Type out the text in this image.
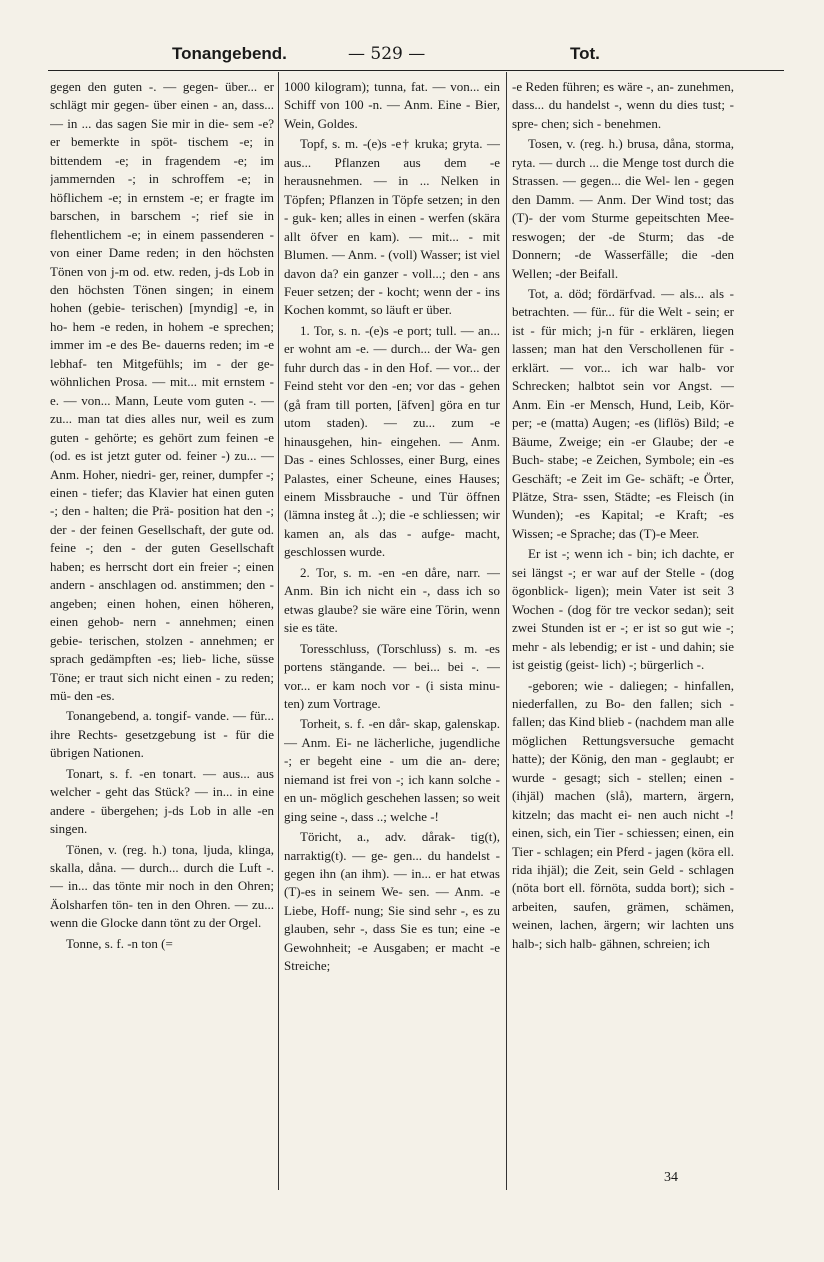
Tonangebend.	— 529 —	Tot.

gegen den guten -. — gegen- über... er schlägt mir gegen- über einen - an, dass... — in ... das sagen Sie mir in die- sem -e? er bemerkte in spöt- tischem -e; in bittendem -e; in fragendem -e; im jammernden -; in schroffem -e; in höflichem -e; in ernstem -e; er fragte im barschen, in barschem -; rief sie in flehentlichem -e; in einem passenderen - von einer Dame reden; in den höchsten Tönen von j-m od. etw. reden, j-ds Lob in den höchsten Tönen singen; in einem hohen (gebie- terischen) [myndig] -e, in ho- hem -e reden, in hohem -e sprechen; immer im -e des Be- dauerns reden; im -e lebhaf- ten Mitgefühls; im - der ge- wöhnlichen Prosa. — mit... mit ernstem -e. — von... Mann, Leute vom guten -. — zu... man tat dies alles nur, weil es zum guten - gehörte; es gehört zum feinen -e (od. es ist jetzt guter od. feiner -) zu... — Anm. Hoher, niedri- ger, reiner, dumpfer -; einen - tiefer; das Klavier hat einen guten -; den - halten; die Prä- position hat den -; der - der feinen Gesellschaft, der gute od. feine -; den - der guten Gesellschaft haben; es herrscht dort ein freier -; einen andern - anschlagen od. anstimmen; den - angeben; einen hohen, einen höheren, einen gehob- nern - annehmen; einen gebie- terischen, stolzen - annehmen; er sprach gedämpften -es; lieb- liche, süsse Töne; er traut sich nicht einen - zu reden; mü- den -es.

Tonangebend, a. tongif- vande. — für... ihre Rechts- gesetzgebung ist - für die übrigen Nationen.

Tonart, s. f. -en tonart. — aus... aus welcher - geht das Stück? — in... in eine andere - übergehen; j-ds Lob in alle -en singen.

Tönen, v. (reg. h.) tona, ljuda, klinga, skalla, dåna. — durch... durch die Luft -. — in... das tönte mir noch in den Ohren; Äolsharfen tön- ten in den Ohren. — zu... wenn die Glocke dann tönt zu der Orgel.

Tonne, s. f. -n ton (=

1000 kilogram); tunna, fat. — von... ein Schiff von 100 -n. — Anm. Eine - Bier, Wein, Goldes.

Topf, s. m. -(e)s -e† kruka; gryta. — aus... Pflanzen aus dem -e herausnehmen. — in ... Nelken in Töpfen; Pflanzen in Töpfe setzen; in den - guk- ken; alles in einen - werfen (skära allt öfver en kam). — mit... - mit Blumen. — Anm. - (voll) Wasser; ist viel davon da? ein ganzer - voll...; den - ans Feuer setzen; der - kocht; wenn der - ins Kochen kommt, so läuft er über.

1. Tor, s. n. -(e)s -e port; tull. — an... er wohnt am -e. — durch... der Wa- gen fuhr durch das - in den Hof. — vor... der Feind steht vor den -en; vor das - gehen (gå fram till porten, [äfven] göra en tur utom staden). — zu... zum -e hinausgehen, hin- eingehen. — Anm. Das - eines Schlosses, einer Burg, eines Palastes, einer Scheune, eines Hauses; einem Missbrauche - und Tür öffnen (lämna insteg åt ..); die -e schliessen; wir kamen an, als das - aufge- macht, geschlossen wurde.

2. Tor, s. m. -en -en dåre, narr. — Anm. Bin ich nicht ein -, dass ich so etwas glaube? sie wäre eine Törin, wenn sie es täte.

Toresschluss, (Torschluss) s. m. -es portens stängande. — bei... bei -. — vor... er kam noch vor - (i sista minu- ten) zum Vortrage.

Torheit, s. f. -en dår- skap, galenskap. — Anm. Ei- ne lächerliche, jugendliche -; er begeht eine - um die an- dere; niemand ist frei von -; ich kann solche -en un- möglich geschehen lassen; so weit ging seine -, dass ..; welche -!

Töricht, a., adv. dårak- tig(t), narraktig(t). — ge- gen... du handelst - gegen ihn (an ihm). — in... er hat etwas (T)-es in seinem We- sen. — Anm. -e Liebe, Hoff- nung; Sie sind sehr -, es zu glauben, sehr -, dass Sie es tun; eine -e Gewohnheit; -e Ausgaben; er macht -e Streiche;

-e Reden führen; es wäre -, an- zunehmen, dass... du handelst -, wenn du dies tust; - spre- chen; sich - benehmen.

Tosen, v. (reg. h.) brusa, dåna, storma, ryta. — durch ... die Menge tost durch die Strassen. — gegen... die Wel- len - gegen den Damm. — Anm. Der Wind tost; das (T)- der vom Sturme gepeitschten Mee- reswogen; der -de Sturm; das -de Donnern; -de Wasserfälle; die -den Wellen; -der Beifall.

Tot, a. död; fördärfvad. — als... als - betrachten. — für... für die Welt - sein; er ist - für mich; j-n für - erklären, liegen lassen; man hat den Verschollenen für - erklärt. — vor... ich war halb- vor Schrecken; halbtot sein vor Angst. — Anm. Ein -er Mensch, Hund, Leib, Kör- per; -e (matta) Augen; -es (liflös) Bild; -e Bäume, Zweige; ein -er Glaube; der -e Buch- stabe; -e Zeichen, Symbole; ein -es Geschäft; -e Zeit im Ge- schäft; -e Örter, Plätze, Stra- ssen, Städte; -es Fleisch (in Wunden); -es Kapital; -e Kraft; -es Wissen; -e Sprache; das (T)-e Meer.

Er ist -; wenn ich - bin; ich dachte, er sei längst -; er war auf der Stelle - (dog ögonblick- ligen); mein Vater ist seit 3 Wochen - (dog för tre veckor sedan); seit zwei Stunden ist er -; er ist so gut wie -; mehr - als lebendig; er ist - und dahin; sie ist geistig (geist- lich) -; bürgerlich -.

-geboren; wie - daliegen; - hinfallen, niederfallen, zu Bo- den fallen; sich - fallen; das Kind blieb - (nachdem man alle möglichen Rettungsversuche gemacht hatte); der König, den man - geglaubt; er wurde - gesagt; sich - stellen; einen - (ihjäl) machen (slå), martern, ärgern, kitzeln; das macht ei- nen auch nicht -! einen, sich, ein Tier - schiessen; einen, ein Tier - schlagen; ein Pferd - jagen (köra ell. rida ihjäl); die Zeit, sein Geld - schlagen (nöta bort ell. förnöta, sudda bort); sich - arbeiten, saufen, grämen, schämen, weinen, lachen, ärgern; wir lachten uns halb-; sich halb- gähnen, schreien; ich

34
